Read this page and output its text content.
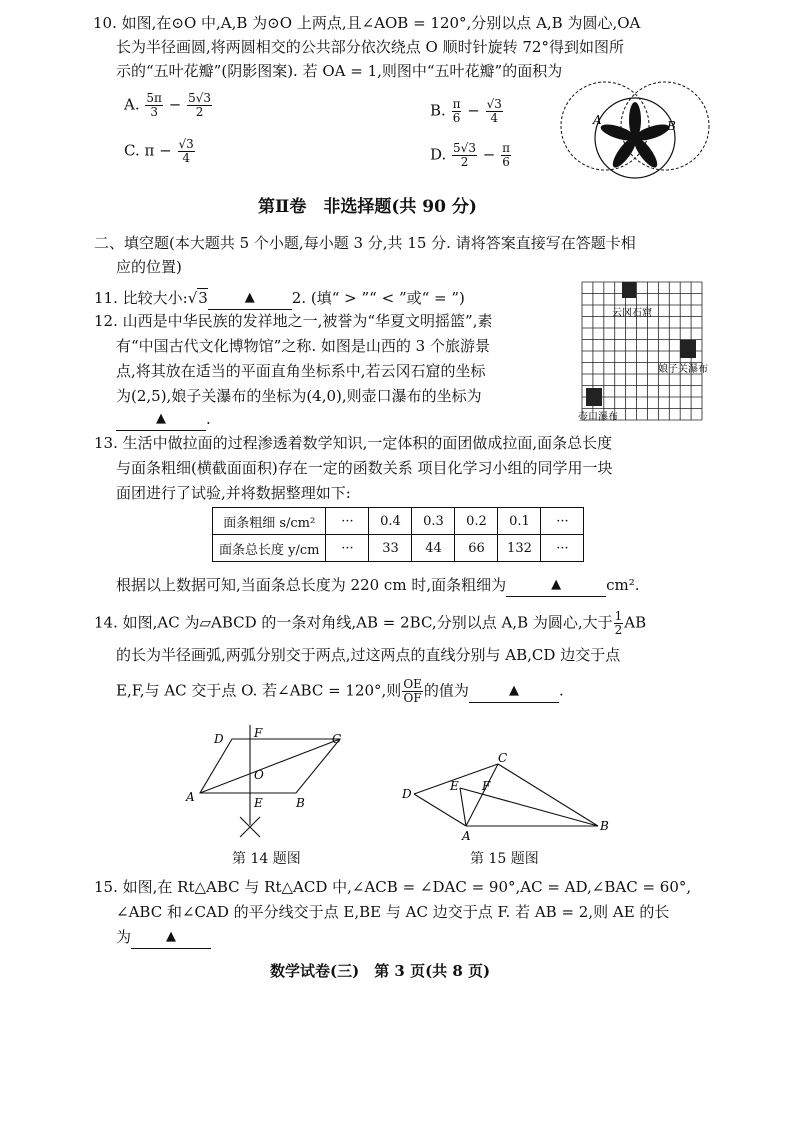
10. 如图,在⊙O 中,A,B 为⊙O 上两点,且∠AOB = 120°,分别以点 A,B 为圆心,OA
长为半径画圆,将两圆相交的公共部分依次绕点 O 顺时针旋转 72°得到如图所
示的“五叶花瓣”(阴影图案). 若 OA = 1,则图中“五叶花瓣”的面积为
A. $\frac{5\pi}{3} - \frac{5√3}{2}$	B. $\frac{\pi}{6} - \frac{√3}{4}$
C. $\pi - \frac{√3}{4}$	D. $\frac{5√3}{2} - \frac{\pi}{6}$
A	B
第Ⅱ卷　非选择题(共 90 分)
二、填空题(本大题共 5 个小题,每小题 3 分,共 15 分. 请将答案直接写在答题卡相
应的位置)
11. 比较大小:√3	▲ 2. (填“ > ”“ < ”或“ = ”)
12. 山西是中华民族的发祥地之一,被誉为“华夏文明摇篮”,素
有“中国古代文化博物馆”之称. 如图是山西的 3 个旅游景
点,将其放在适当的平面直角坐标系中,若云冈石窟的坐标
为(2,5),娘子关瀑布的坐标为(4,0),则壶口瀑布的坐标为
▲	.
云冈石窟
娘子关瀑布
壶口瀑布
13. 生活中做拉面的过程渗透着数学知识,一定体积的面团做成拉面,面条总长度
与面条粗细(横截面面积)存在一定的函数关系 项目化学习小组的同学用一块
面团进行了试验,并将数据整理如下:
面条粗细 s/cm²	···	0.4	0.3	0.2	0.1	···
面条总长度 y/cm	···	33	44	66	132	···
根据以上数据可知,当面条总长度为 220 cm 时,面条粗细为	▲	cm².
14. 如图,AC 为▱ABCD 的一条对角线,AB = 2BC,分别以点 A,B 为圆心,大于 $\frac{1}{2}$ AB
的长为半径画弧,两弧分别交于两点,过这两点的直线分别与 AB,CD 边交于点
E,F,与 AC 交于点 O. 若∠ABC = 120°,则 $\frac{OE}{OF}$ 的值为	▲	.
A	B
C
D
E
F
O
第 14 题图
A
B
C
D
E F
第 15 题图
15. 如图,在 Rt△ABC 与 Rt△ACD 中,∠ACB = ∠DAC = 90°,AC = AD,∠BAC = 60°,
∠ABC 和∠CAD 的平分线交于点 E,BE 与 AC 边交于点 F. 若 AB = 2,则 AE 的长
为	▲
数学试卷(三)　第 3 页(共 8 页)
